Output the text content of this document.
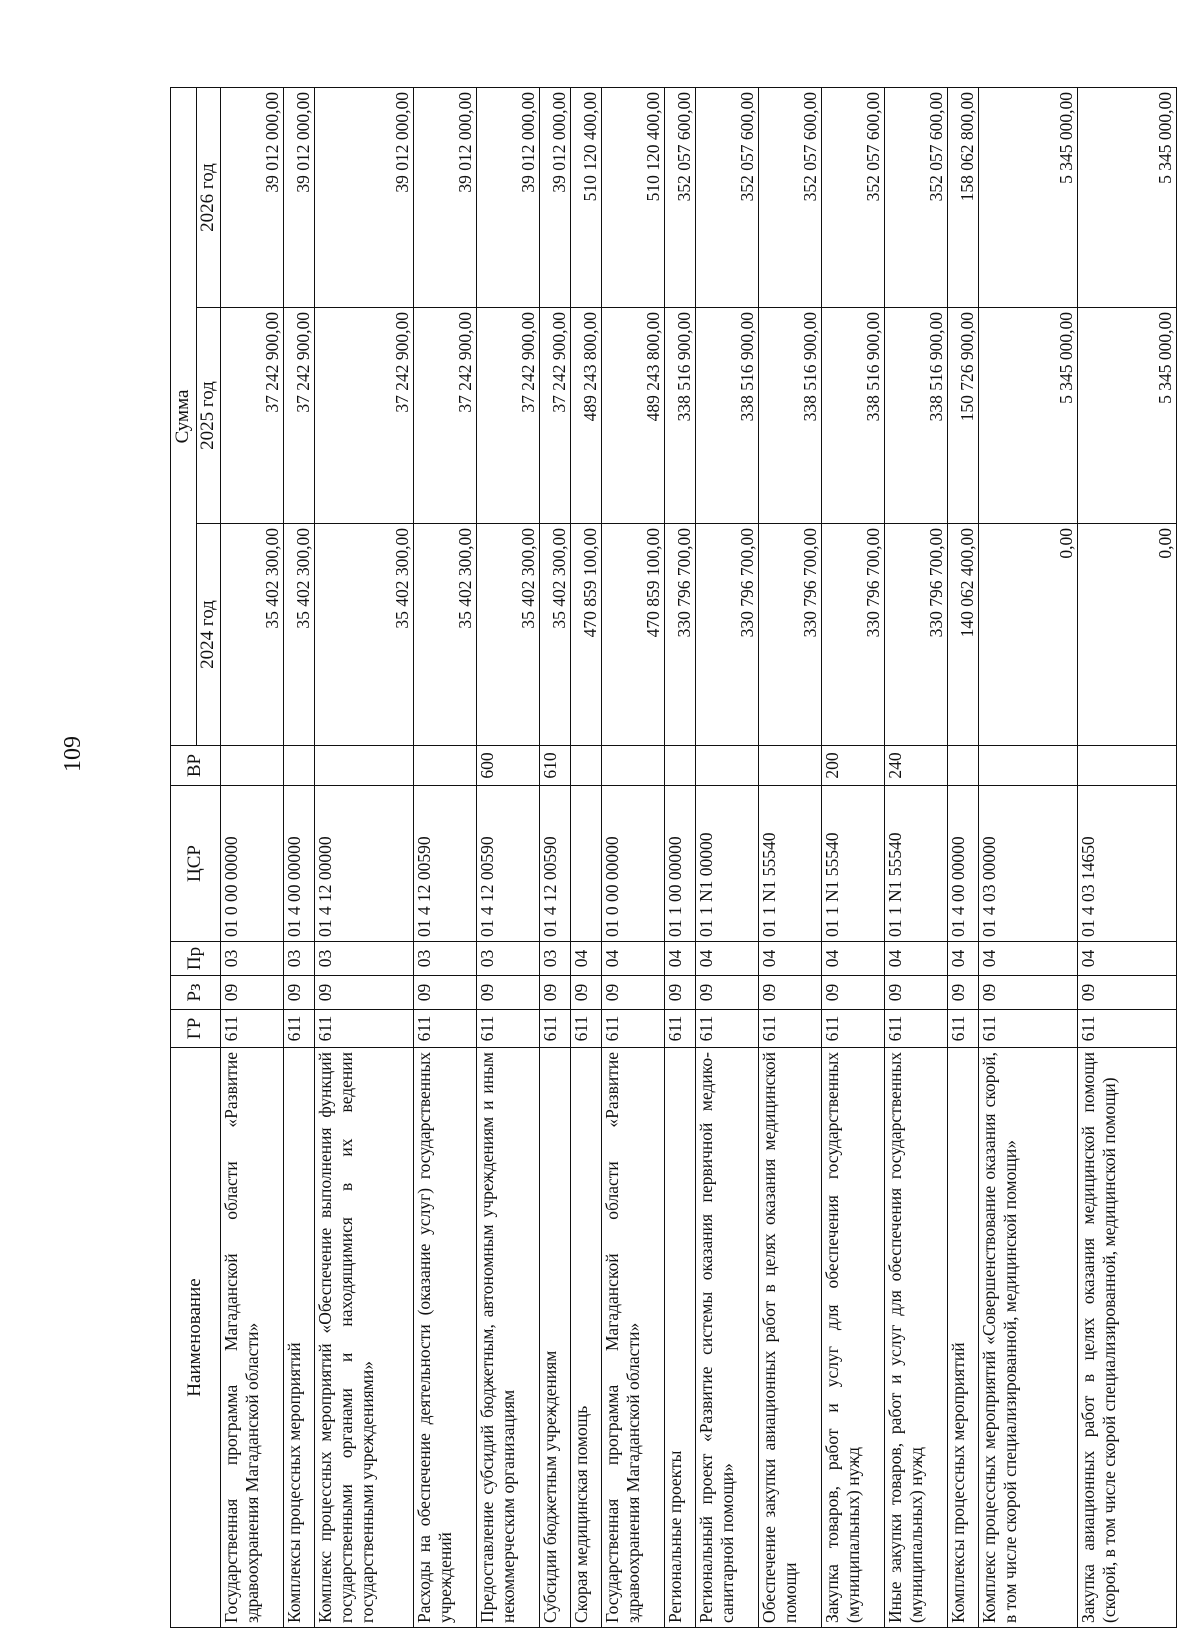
109
Наименование	ГР	Рз	Пр	ЦСР	ВР	Сумма		
						2024 год	2025 год	2026 год
Государственная программа Магаданской области «Развитие здравоохранения Магаданской области»	611	09	03	01 0 00 00000		35 402 300,00	37 242 900,00	39 012 000,00
Комплексы процессных мероприятий	611	09	03	01 4 00 00000		35 402 300,00	37 242 900,00	39 012 000,00
Комплекс процессных мероприятий «Обеспечение выполнения функций государственными органами и находящимися в их ведении государственными учреждениями»	611	09	03	01 4 12 00000		35 402 300,00	37 242 900,00	39 012 000,00
Расходы на обеспечение деятельности (оказание услуг) государственных учреждений	611	09	03	01 4 12 00590		35 402 300,00	37 242 900,00	39 012 000,00
Предоставление субсидий бюджетным, автономным учреждениям и иным некоммерческим организациям	611	09	03	01 4 12 00590	600	35 402 300,00	37 242 900,00	39 012 000,00
Субсидии бюджетным учреждениям	611	09	03	01 4 12 00590	610	35 402 300,00	37 242 900,00	39 012 000,00
Скорая медицинская помощь	611	09	04			470 859 100,00	489 243 800,00	510 120 400,00
Государственная программа Магаданской области «Развитие здравоохранения Магаданской области»	611	09	04	01 0 00 00000		470 859 100,00	489 243 800,00	510 120 400,00
Региональные проекты	611	09	04	01 1 00 00000		330 796 700,00	338 516 900,00	352 057 600,00
Региональный проект «Развитие системы оказания первичной медико-санитарной помощи»	611	09	04	01 1 N1 00000		330 796 700,00	338 516 900,00	352 057 600,00
Обеспечение закупки авиационных работ в целях оказания медицинской помощи	611	09	04	01 1 N1 55540		330 796 700,00	338 516 900,00	352 057 600,00
Закупка товаров, работ и услуг для обеспечения государственных (муниципальных) нужд	611	09	04	01 1 N1 55540	200	330 796 700,00	338 516 900,00	352 057 600,00
Иные закупки товаров, работ и услуг для обеспечения государственных (муниципальных) нужд	611	09	04	01 1 N1 55540	240	330 796 700,00	338 516 900,00	352 057 600,00
Комплексы процессных мероприятий	611	09	04	01 4 00 00000		140 062 400,00	150 726 900,00	158 062 800,00
Комплекс процессных мероприятий «Совершенствование оказания скорой, в том числе скорой специализированной, медицинской помощи»	611	09	04	01 4 03 00000		0,00	5 345 000,00	5 345 000,00
Закупка авиационных работ в целях оказания медицинской помощи (скорой, в том числе скорой специализированной, медицинской помощи)	611	09	04	01 4 03 14650		0,00	5 345 000,00	5 345 000,00
